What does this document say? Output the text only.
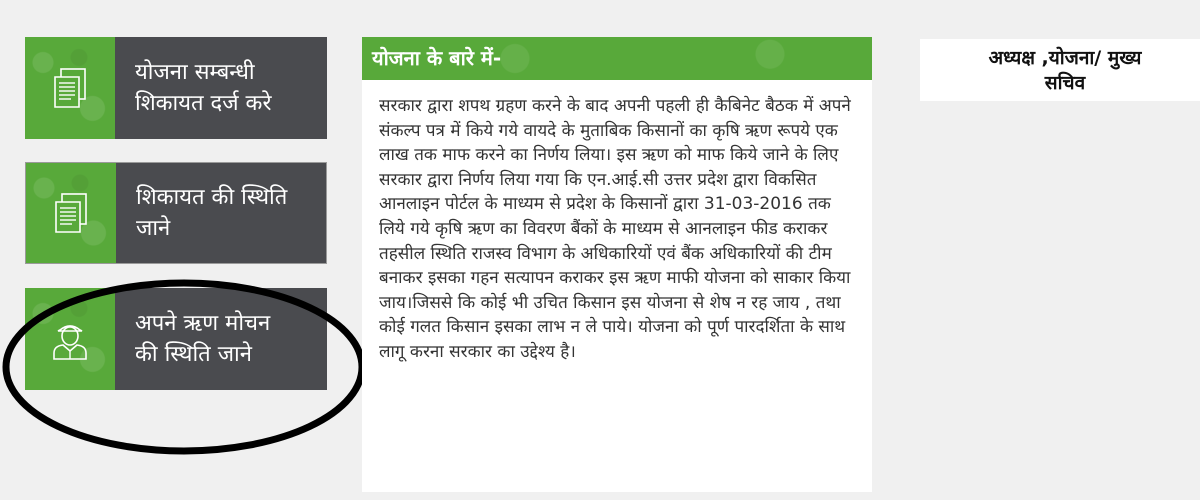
योजना सम्बन्धी
शिकायत दर्ज करे
शिकायत की स्थिति
जाने
अपने ऋण मोचन
की स्थिति जाने
योजना के बारे में-
सरकार द्वारा शपथ ग्रहण करने के बाद अपनी पहली ही कैबिनेट बैठक में अपने संकल्प पत्र में किये गये वायदे के मुताबिक किसानों का कृषि ऋण रूपये एक लाख तक माफ करने का निर्णय लिया। इस ऋण को माफ किये जाने के लिए सरकार द्वारा निर्णय लिया गया कि एन.आई.सी उत्तर प्रदेश द्वारा विकसित आनलाइन पोर्टल के माध्यम से प्रदेश के किसानों द्वारा 31-03-2016 तक लिये गये कृषि ऋण का विवरण बैंकों के माध्यम से आनलाइन फीड कराकर तहसील स्थिति राजस्व विभाग के अधिकारियों एवं बैंक अधिकारियों की टीम बनाकर इसका गहन सत्यापन कराकर इस ऋण माफी योजना को साकार किया जाय।जिससे कि कोई भी उचित किसान इस योजना से शेष न रह जाय , तथा कोई गलत किसान इसका लाभ न ले पाये। योजना को पूर्ण पारदर्शिता के साथ लागू करना सरकार का उद्देश्य है।
अध्यक्ष ,योजना/ मुख्य
सचिव
